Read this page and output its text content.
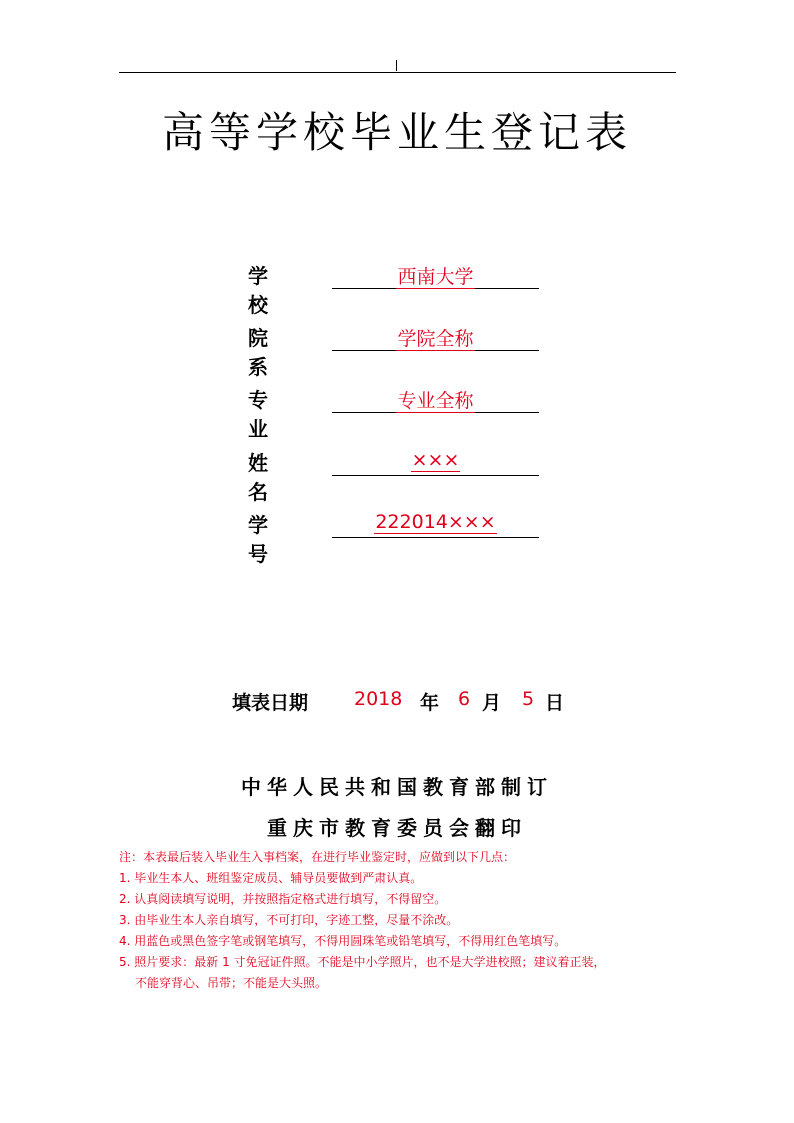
高等学校毕业生登记表
学校
西南大学
院系
学院全称
专业
专业全称
姓名
×××
学号
222014×××
填表日期 2018 年 6 月 5 日
中华人民共和国教育部制订
重庆市教育委员会翻印
注：本表最后装入毕业生入事档案，在进行毕业鉴定时，应做到以下几点：
1. 毕业生本人、班组鉴定成员、辅导员要做到严肃认真。
2. 认真阅读填写说明，并按照指定格式进行填写，不得留空。
3. 由毕业生本人亲自填写，不可打印，字迹工整，尽量不涂改。
4. 用蓝色或黑色签字笔或钢笔填写，不得用圆珠笔或铅笔填写，不得用红色笔填写。
5. 照片要求：最新 1 寸免冠证件照。不能是中小学照片，也不是大学进校照；建议着正装，
不能穿背心、吊带；不能是大头照。
